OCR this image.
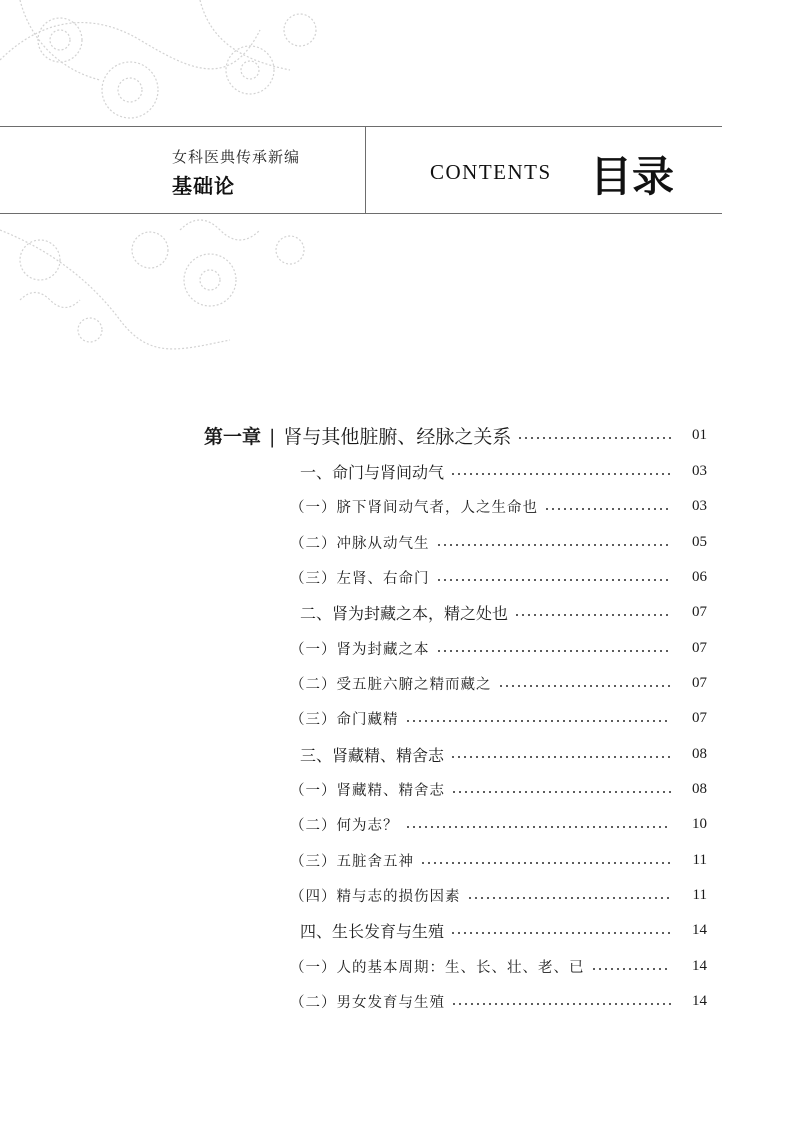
女科医典传承新编
基础论
CONTENTS 目录
第一章 | 肾与其他脏腑、经脉之关系	01
一、命门与肾间动气	03
（一）脐下肾间动气者，人之生命也	03
（二）冲脉从动气生	05
（三）左肾、右命门	06
二、肾为封藏之本，精之处也	07
（一）肾为封藏之本	07
（二）受五脏六腑之精而藏之	07
（三）命门藏精	07
三、肾藏精、精舍志	08
（一）肾藏精、精舍志	08
（二）何为志？	10
（三）五脏舍五神	11
（四）精与志的损伤因素	11
四、生长发育与生殖	14
（一）人的基本周期：生、长、壮、老、已	14
（二）男女发育与生殖	14
